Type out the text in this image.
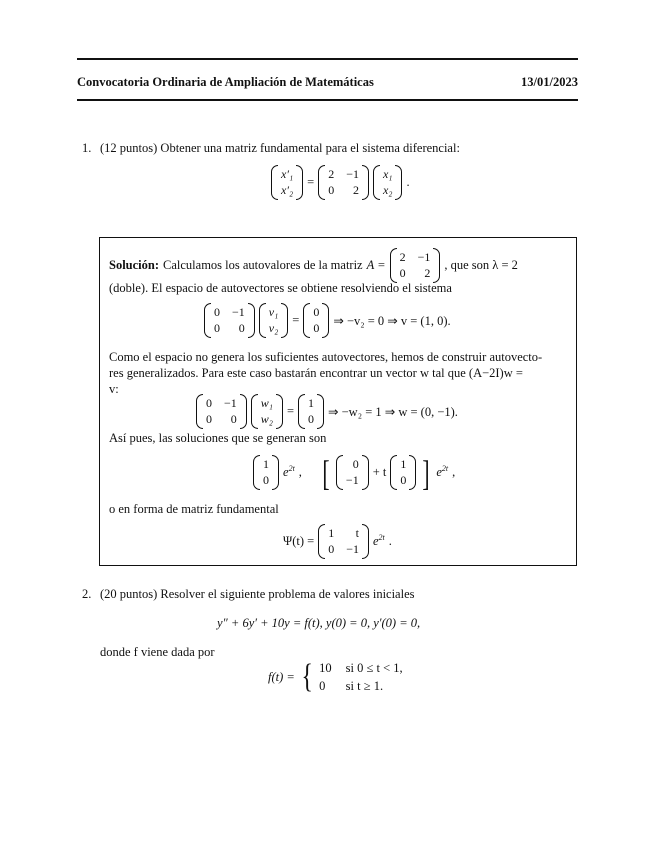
Convocatoria Ordinaria de Ampliación de Matemáticas	13/01/2023
1. (12 puntos) Obtener una matriz fundamental para el sistema diferencial:
x′₁
x′₂
=
2 −1
0	2
x₁
x₂
.
Solución: Calculamos los autovalores de la matriz A =
2 −1
0	2
, que son λ = 2
(doble). El espacio de autovectores se obtiene resolviendo el sistema
0 −1
0	0
v₁
v₂
=
0
0
⇒ −v₂ = 0 ⇒ v = (1, 0).
Como el espacio no genera los suficientes autovectores, hemos de construir autovecto-
res generalizados. Para este caso bastarán encontrar un vector w tal que (A−2I)w =
v:
0 −1
0	0
w₁
w₂
=
1
0
⇒ −w₂ = 1 ⇒ w = (0, −1).
Así pues, las soluciones que se generan son
1
0
$e^{2t}$ , [	0
−1
+ t
1
0 ] $e^{2t}$ ,
o en forma de matriz fundamental
Ψ(t) =
1	t
0 −1
$e^{2t}$ .
2. (20 puntos) Resolver el siguiente problema de valores iniciales
y″ + 6y′ + 10y = f(t), y(0) = 0, y′(0) = 0,
donde f viene dada por
f(t) = { 10 si 0 ≤ t < 1,
0	si t ≥ 1.
